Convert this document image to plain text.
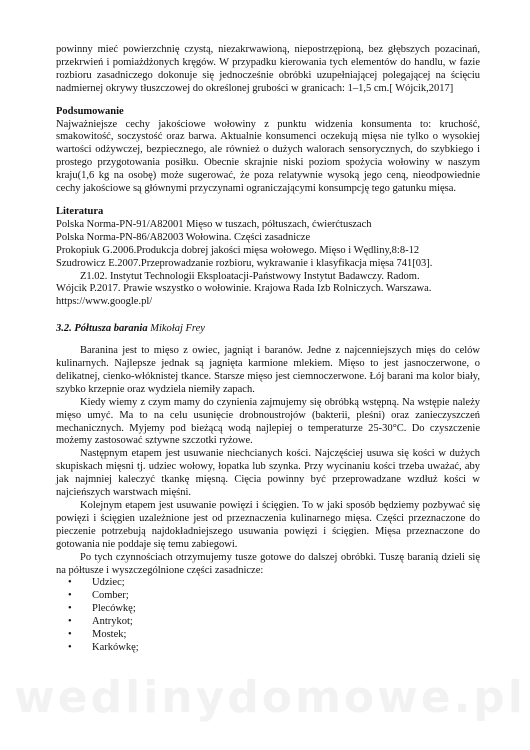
powinny mieć powierzchnię czystą, niezakrwawioną, niepostrzępioną, bez głębszych pozacinań, przekrwień i pomiażdżonych kręgów. W przypadku kierowania tych elementów do handlu, w fazie rozbioru zasadniczego dokonuje się jednocześnie obróbki uzupełniającej polegającej na ścięciu nadmiernej okrywy tłuszczowej do określonej grubości w granicach: 1–1,5 cm.[ Wójcik,2017]

Podsumowanie

Najważniejsze cechy jakościowe wołowiny z punktu widzenia konsumenta to: kruchość, smakowitość, soczystość oraz barwa. Aktualnie konsumenci oczekują mięsa nie tylko o wysokiej wartości odżywczej, bezpiecznego, ale również o dużych walorach sensorycznych, do szybkiego i prostego przygotowania posiłku. Obecnie skrajnie niski poziom spożycia wołowiny w naszym kraju(1,6 kg na osobę) może sugerować, że poza relatywnie wysoką jego ceną, nieodpowiednie cechy jakościowe są głównymi przyczynami ograniczającymi konsumpcję tego gatunku mięsa.

Literatura

Polska Norma-PN-91/A82001 Mięso w tuszach, półtuszach, ćwierćtuszach

Polska Norma-PN-86/A82003 Wołowina. Części zasadnicze

Prokopiuk G.2006.Produkcja dobrej jakości mięsa wołowego. Mięso i Wędliny,8:8-12

Szudrowicz E.2007.Przeprowadzanie rozbioru, wykrawanie i klasyfikacja mięsa 741[03].

Z1.02. Instytut Technologii Eksploatacji-Państwowy Instytut Badawczy. Radom.

Wójcik P.2017. Prawie wszystko o wołowinie. Krajowa Rada Izb Rolniczych. Warszawa.

https://www.google.pl/

3.2. Półtusza barania Mikołaj Frey

Baranina jest to mięso z owiec, jagniąt i baranów. Jedne z najcenniejszych mięs do celów kulinarnych. Najlepsze jednak są jagnięta karmione mlekiem. Mięso to jest jasnoczerwone, o delikatnej, cienko-włóknistej tkance. Starsze mięso jest ciemnoczerwone. Łój barani ma kolor biały, szybko krzepnie oraz wydziela niemiły zapach.

Kiedy wiemy z czym mamy do czynienia zajmujemy się obróbką wstępną. Na wstępie należy mięso umyć. Ma to na celu usunięcie drobnoustrojów (bakterii, pleśni) oraz zanieczyszczeń mechanicznych. Myjemy pod bieżącą wodą najlepiej o temperaturze 25-30°C. Do czyszczenie możemy zastosować sztywne szczotki ryżowe.

Następnym etapem jest usuwanie niechcianych kości. Najczęściej usuwa się kości w dużych skupiskach mięsni tj. udziec wołowy, łopatka lub szynka. Przy wycinaniu kości trzeba uważać, aby jak najmniej kaleczyć tkankę mięsną. Cięcia powinny być przeprowadzane wzdłuż kości w najcieńszych warstwach mięśni.

Kolejnym etapem jest usuwanie powięzi i ścięgien. To w jaki sposób będziemy pozbywać się powięzi i ścięgien uzależnione jest od przeznaczenia kulinarnego mięsa. Części przeznaczone do pieczenie potrzebują najdokładniejszego usuwania powięzi i ścięgien. Mięsa przeznaczone do gotowania nie poddaje się temu zabiegowi.

Po tych czynnościach otrzymujemy tusze gotowe do dalszej obróbki. Tuszę baranią dzieli się na półtusze i wyszczególnione części zasadnicze:

•	Udziec;
•	Comber;
•	Plecówkę;
•	Antrykot;
•	Mostek;
•	Karkówkę;
wedlinydomowe.pl
